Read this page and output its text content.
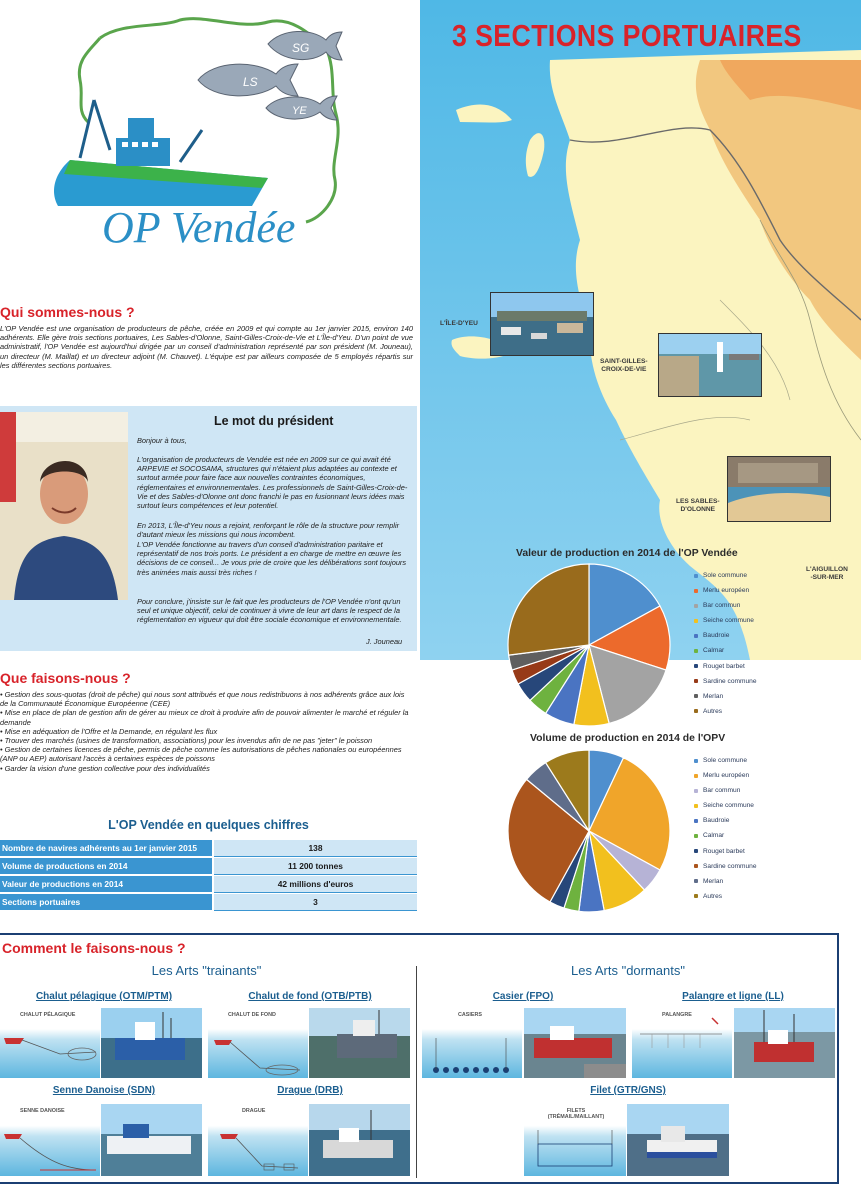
SG
LS
YE
OP Vendée
3 SECTIONS PORTUAIRES
L'ÎLE-D'YEU
SAINT-GILLES-
CROIX-DE-VIE
LES SABLES-
D'OLONNE
L'AIGUILLON
-SUR-MER
Qui sommes-nous ?

L'OP Vendée est une organisation de producteurs de pêche, créée en 2009 et qui compte au 1er janvier 2015, environ 140 adhérents. Elle gère trois sections portuaires, Les Sables-d'Olonne, Saint-Gilles-Croix-de-Vie et L'Île-d'Yeu. D'un point de vue administratif, l'OP Vendée est aujourd'hui dirigée par un conseil d'administration représenté par son président (M. Jouneau), un directeur (M. Maillat) et un directeur adjoint (M. Chauvet). L'équipe est par ailleurs composée de 5 employés répartis sur les différentes sections portuaires.

Le mot du président
Bonjour à tous,

L'organisation de producteurs de Vendée est née en 2009 sur ce qui avait été ARPEVIE et SOCOSAMA, structures qui n'étaient plus adaptées au contexte et surtout armée pour faire face aux nouvelles contraintes économiques, réglementaires et environnementales. Les professionnels de Saint-Gilles-Croix-de-Vie et des Sables-d'Olonne ont donc franchi le pas en fusionnant leurs idées mais surtout leurs compétences et leur potentiel.

En 2013, L'Île-d'Yeu nous a rejoint, renforçant le rôle de la structure pour remplir d'autant mieux les missions qui nous incombent.

L'OP Vendée fonctionne au travers d'un conseil d'administration paritaire et représentatif de nos trois ports. Le président a en charge de mettre en œuvre les décisions de ce conseil... Je vous prie de croire que les délibérations sont toujours très animées mais aussi très riches !

Pour conclure, j'insiste sur le fait que les producteurs de l'OP Vendée n'ont qu'un seul et unique objectif, celui de continuer à vivre de leur art dans le respect de la réglementation en vigueur qui doit être sociale économique et environnementale.

J. Jouneau
Que faisons-nous ?
• Gestion des sous-quotas (droit de pêche) qui nous sont attribués et que nous redistribuons à nos adhérents grâce aux lois de la Communauté Économique Européenne (CEE)
• Mise en place de plan de gestion afin de gérer au mieux ce droit à produire afin de pouvoir alimenter le marché et réguler la demande
• Mise en adéquation de l'Offre et la Demande, en régulant les flux
• Trouver des marchés (usines de transformation, associations) pour les invendus afin de ne pas "jeter" le poisson
• Gestion de certaines licences de pêche, permis de pêche comme les autorisations de pêches nationales ou européennes (ANP ou AEP) autorisant l'accès à certaines espèces de poissons
• Garder la vision d'une gestion collective pour des individualités
L'OP Vendée en quelques chiffres
Nombre de navires adhérents au 1er janvier 2015	138
Volume de productions en 2014	11 200 tonnes
Valeur de productions en 2014	42 millions d'euros
Sections portuaires	3
Valeur de production en 2014 de l'OP Vendée
Sole commune
Merlu européen
Bar commun
Seiche commune
Baudroie
Calmar
Rouget barbet
Sardine commune
Merlan
Autres
Volume de production en 2014 de l'OPV
Sole commune
Merlu européen
Bar commun
Seiche commune
Baudroie
Calmar
Rouget barbet
Sardine commune
Merlan
Autres
Comment le faisons-nous ?
Les Arts "trainants"	Les Arts "dormants"
Chalut pélagique (OTM/PTM)	Chalut de fond (OTB/PTB)
Senne Danoise (SDN)	Drague (DRB)
Casier (FPO)	Palangre et ligne (LL)
Filet (GTR/GNS)
CHALUT PÉLAGIQUE	CHALUT DE FOND	CASIERS	PALANGRE
SENNE DANOISE	DRAGUE	FILETS
(TRÉMAIL/MAILLANT)
